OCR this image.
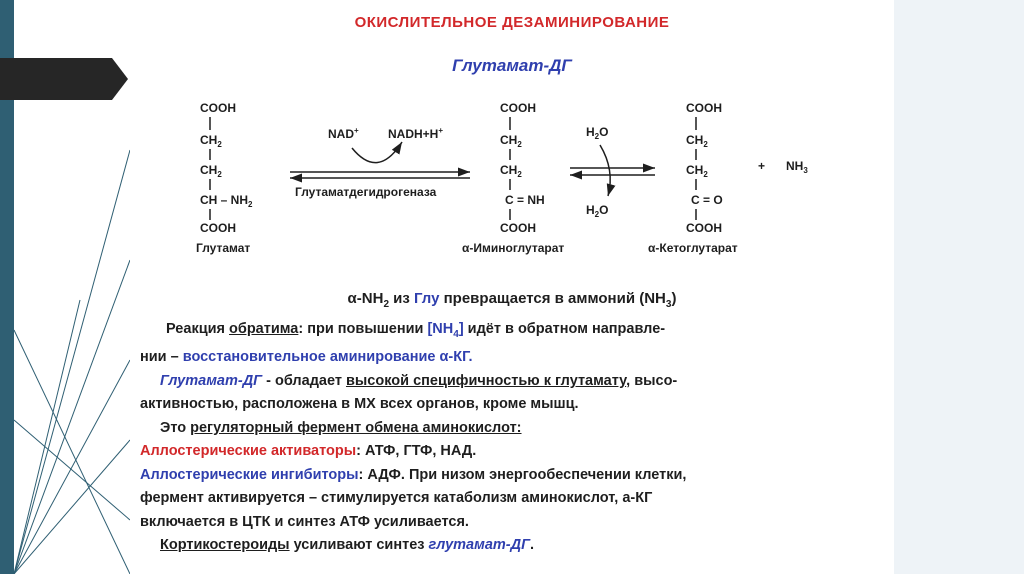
ОКИСЛИТЕЛЬНОЕ ДЕЗАМИНИРОВАНИЕ
Глутамат-ДГ
COOH
$CH_2$
$CH_2$
CH – $NH_2$
COOH
Глутамат
NAD+ NADH+H+
Глутаматдегидрогеназа
COOH
$CH_2$
$CH_2$
C = NH
COOH
α-Иминоглутарат
$H_2O$
$H_2O$
COOH
$CH_2$
$CH_2$
C = O
COOH
α-Кетоглутарат
+ $NH_3$
$\alpha-NH_2$ из Глу превращается в аммоний $(NH_3)$
Реакция обратима: при повышении $[NH_4]$ идёт в обратном направле-
нии – восстановительное аминирование α-КГ.
Глутамат-ДГ - обладает высокой специфичностью к глутамату, высо-
активностью, расположена в МХ всех органов, кроме мышц.
Это регуляторный фермент обмена аминокислот:
Аллостерические активаторы: АТФ, ГТФ, НАД.
Аллостерические ингибиторы: АДФ. При низом энергообеспечении клетки,
фермент активируется – стимулируется катаболизм аминокислот, а-КГ
включается в ЦТК и синтез АТФ усиливается.
Кортикостероиды усиливают синтез глутамат-ДГ.
